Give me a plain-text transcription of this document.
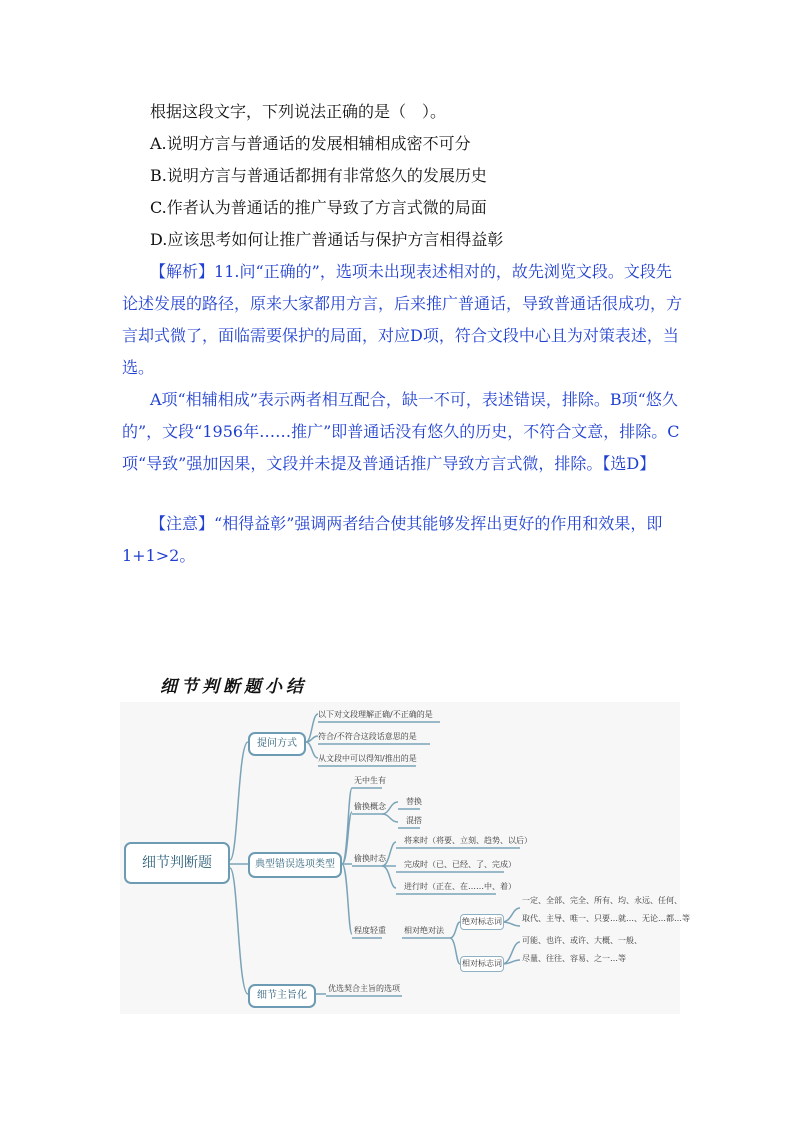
根据这段文字，下列说法正确的是（　）。
A.说明方言与普通话的发展相辅相成密不可分
B.说明方言与普通话都拥有非常悠久的发展历史
C.作者认为普通话的推广导致了方言式微的局面
D.应该思考如何让推广普通话与保护方言相得益彰
【解析】11.问“正确的”，选项未出现表述相对的，故先浏览文段。文段先论述发展的路径，原来大家都用方言，后来推广普通话，导致普通话很成功，方言却式微了，面临需要保护的局面，对应D项，符合文段中心且为对策表述，当选。
A项“相辅相成”表示两者相互配合，缺一不可，表述错误，排除。B项“悠久的”，文段“1956年……推广”即普通话没有悠久的历史，不符合文意，排除。C项“导致”强加因果，文段并未提及普通话推广导致方言式微，排除。【选D】
【注意】“相得益彰”强调两者结合使其能够发挥出更好的作用和效果，即1+1>2。
细节判断题小结
细节判断题
提问方式
以下对文段理解正确/不正确的是
符合/不符合这段话意思的是
从文段中可以得知/推出的是
典型错误选项类型
无中生有
偷换概念
替换
混搭
偷换时态
将来时（将要、立刻、趋势、以后）
完成时（已、已经、了、完成）
进行时（正在、在……中、着）
程度轻重 相对绝对法
绝对标志词
相对标志词
一定、全部、完全、所有、均、永远、任何、
取代、主导、唯一、只要…就…、无论…都…等
可能、也许、或许、大概、一般、
尽量、往往、容易、之一…等
细节主旨化
优选契合主旨的选项
